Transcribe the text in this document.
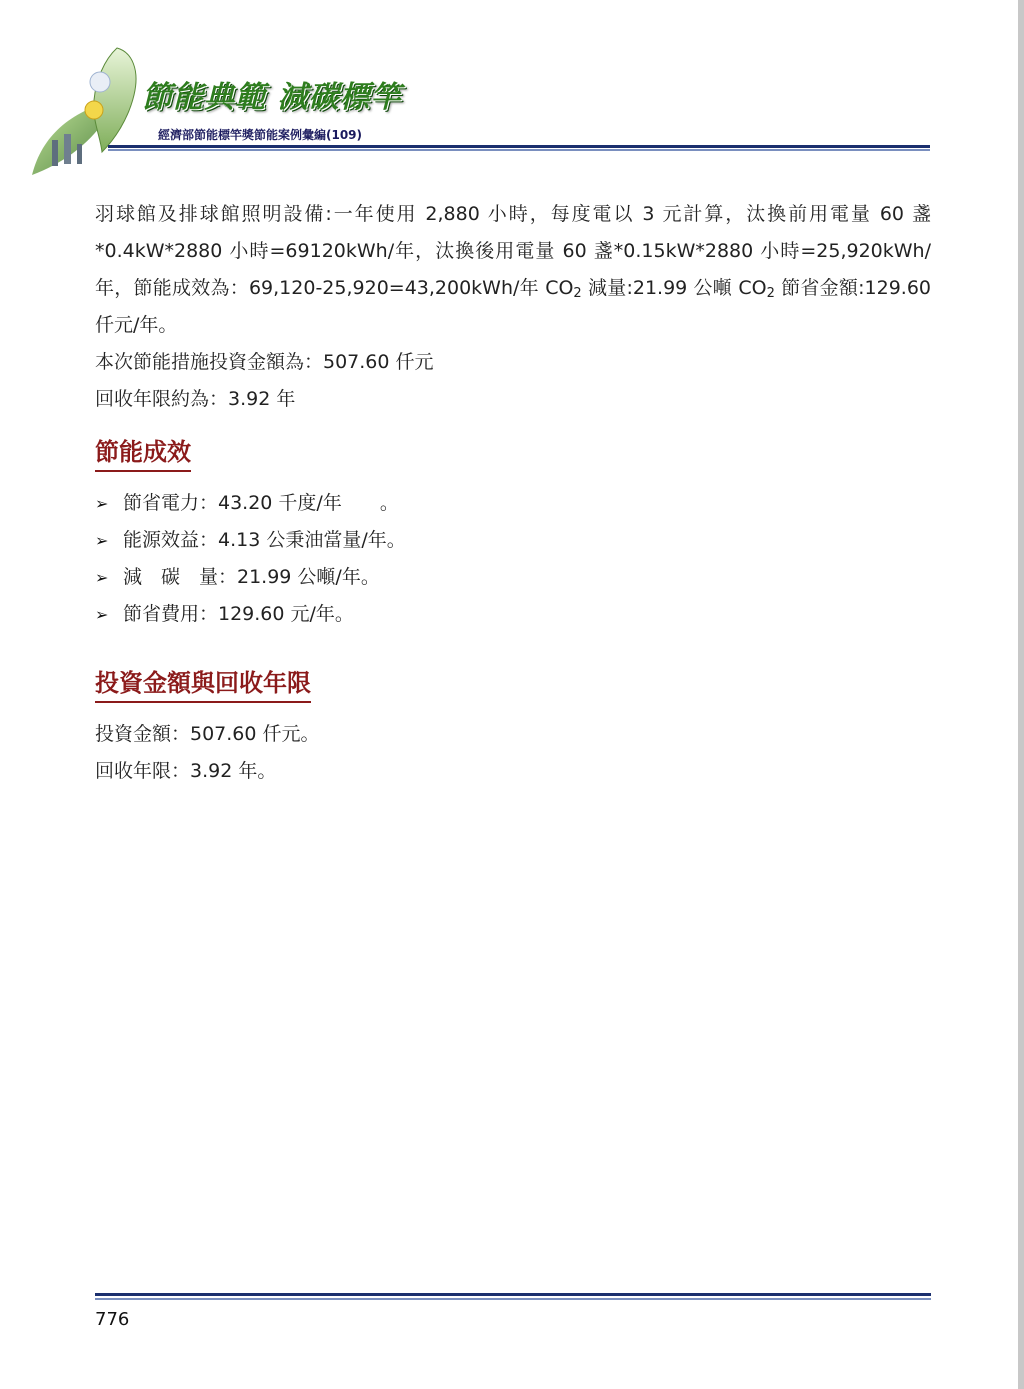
節能典範 減碳標竿
經濟部節能標竿獎節能案例彙編(109)

羽球館及排球館照明設備:一年使用 2,880 小時，每度電以 3 元計算，汰換前用電量 60 盞*0.4kW*2880 小時=69120kWh/年，汰換後用電量 60 盞*0.15kW*2880 小時=25,920kWh/年，節能成效為：69,120-25,920=43,200kWh/年 $CO_2$ 減量:21.99 公噸 $CO_2$ 節省金額:129.60 仟元/年。

本次節能措施投資金額為：507.60 仟元

回收年限約為：3.92 年

節能成效
➢ 節省電力：43.20 千度/年　　。
➢ 能源效益：4.13 公秉油當量/年。
➢ 減　碳　量：21.99 公噸/年。
➢ 節省費用：129.60 元/年。
投資金額與回收年限

投資金額：507.60 仟元。

回收年限：3.92 年。

776
